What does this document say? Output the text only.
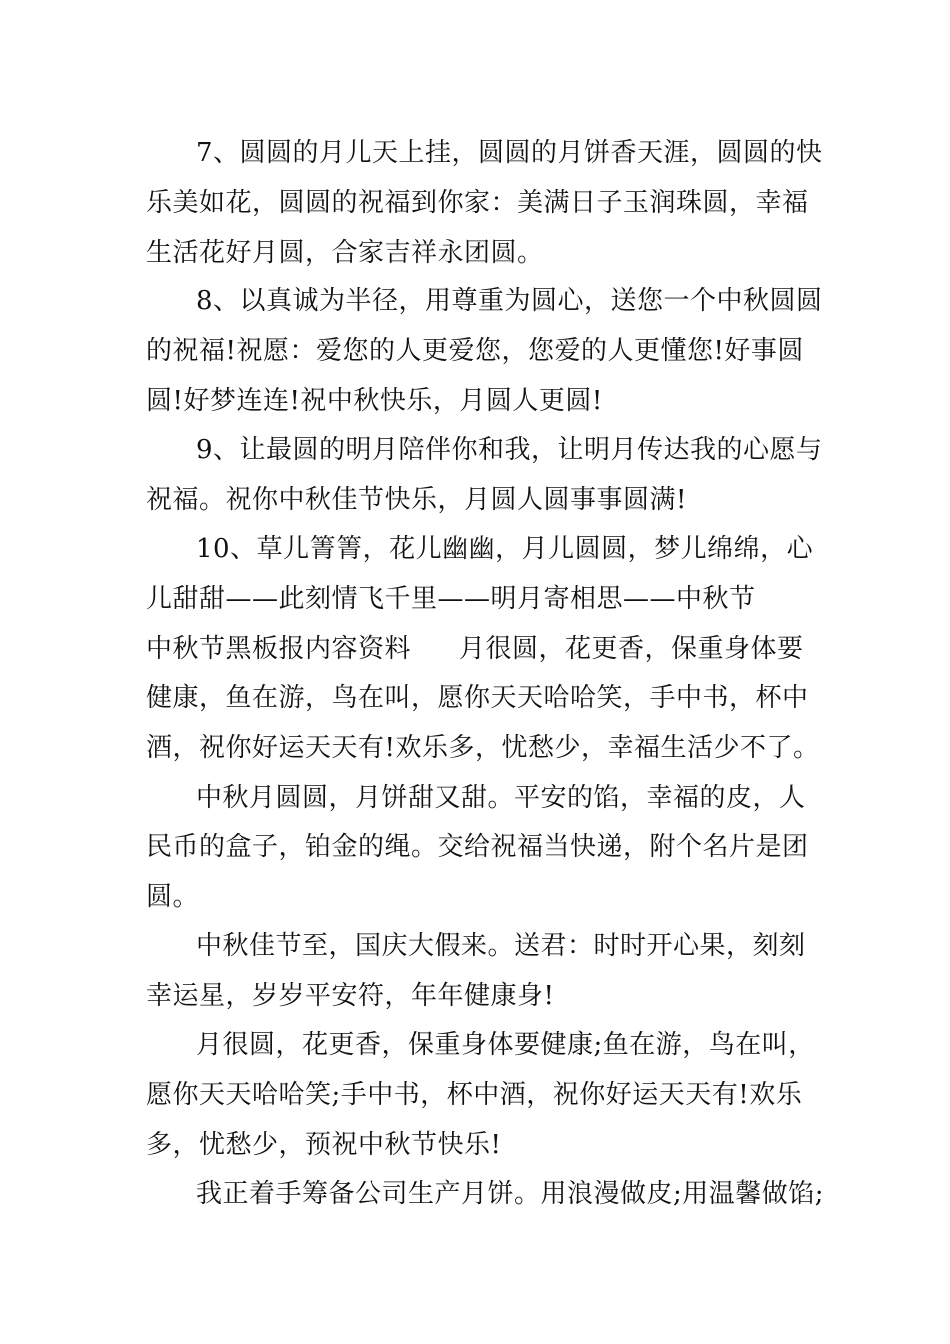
7、圆圆的月儿天上挂，圆圆的月饼香天涯，圆圆的快
乐美如花，圆圆的祝福到你家：美满日子玉润珠圆，幸福
生活花好月圆，合家吉祥永团圆。
8、以真诚为半径，用尊重为圆心，送您一个中秋圆圆
的祝福!祝愿：爱您的人更爱您，您爱的人更懂您!好事圆
圆!好梦连连!祝中秋快乐，月圆人更圆!
9、让最圆的明月陪伴你和我，让明月传达我的心愿与
祝福。祝你中秋佳节快乐，月圆人圆事事圆满!
10、草儿箐箐，花儿幽幽，月儿圆圆，梦儿绵绵，心
儿甜甜——此刻情飞千里——明月寄相思——中秋节
中秋节黑板报内容资料 月很圆，花更香，保重身体要
健康，鱼在游，鸟在叫，愿你天天哈哈笑，手中书，杯中
酒，祝你好运天天有!欢乐多，忧愁少，幸福生活少不了。
中秋月圆圆，月饼甜又甜。平安的馅，幸福的皮，人
民币的盒子，铂金的绳。交给祝福当快递，附个名片是团
圆。
中秋佳节至，国庆大假来。送君：时时开心果，刻刻
幸运星，岁岁平安符，年年健康身!
月很圆，花更香，保重身体要健康;鱼在游，鸟在叫，
愿你天天哈哈笑;手中书，杯中酒，祝你好运天天有!欢乐
多，忧愁少，预祝中秋节快乐!
我正着手筹备公司生产月饼。用浪漫做皮;用温馨做馅;
